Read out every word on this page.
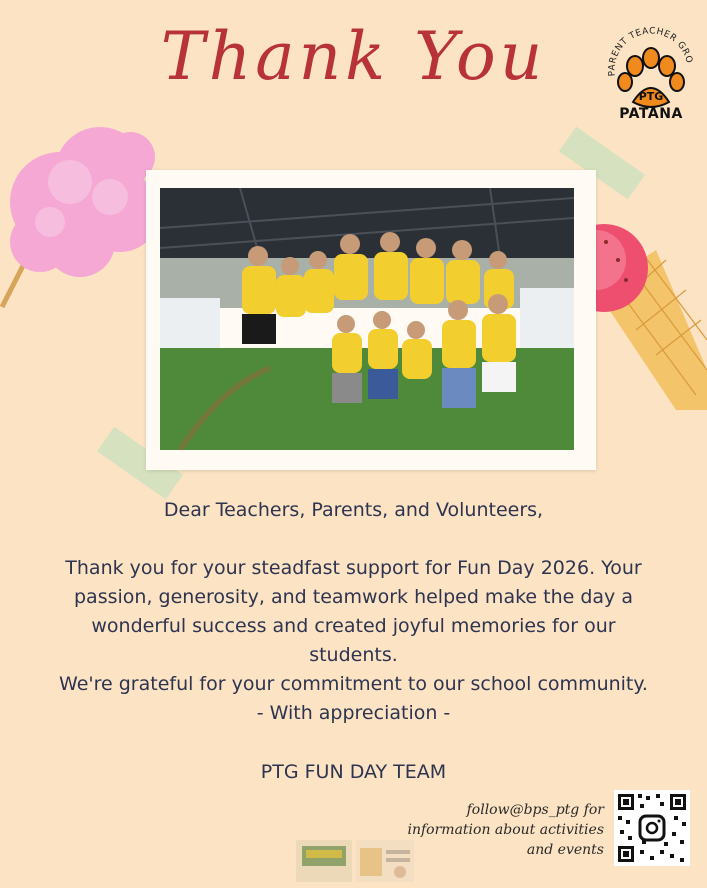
Thank You	PARENT TEACHER GRO
PTG
PATANA
Dear Teachers, Parents, and Volunteers,
Thank you for your steadfast support for Fun Day 2026. Your
passion, generosity, and teamwork helped make the day a
wonderful success and created joyful memories for our
students.
We're grateful for your commitment to our school community.
- With appreciation -
PTG FUN DAY TEAM
follow@bps_ptg for
information about activities
and events
